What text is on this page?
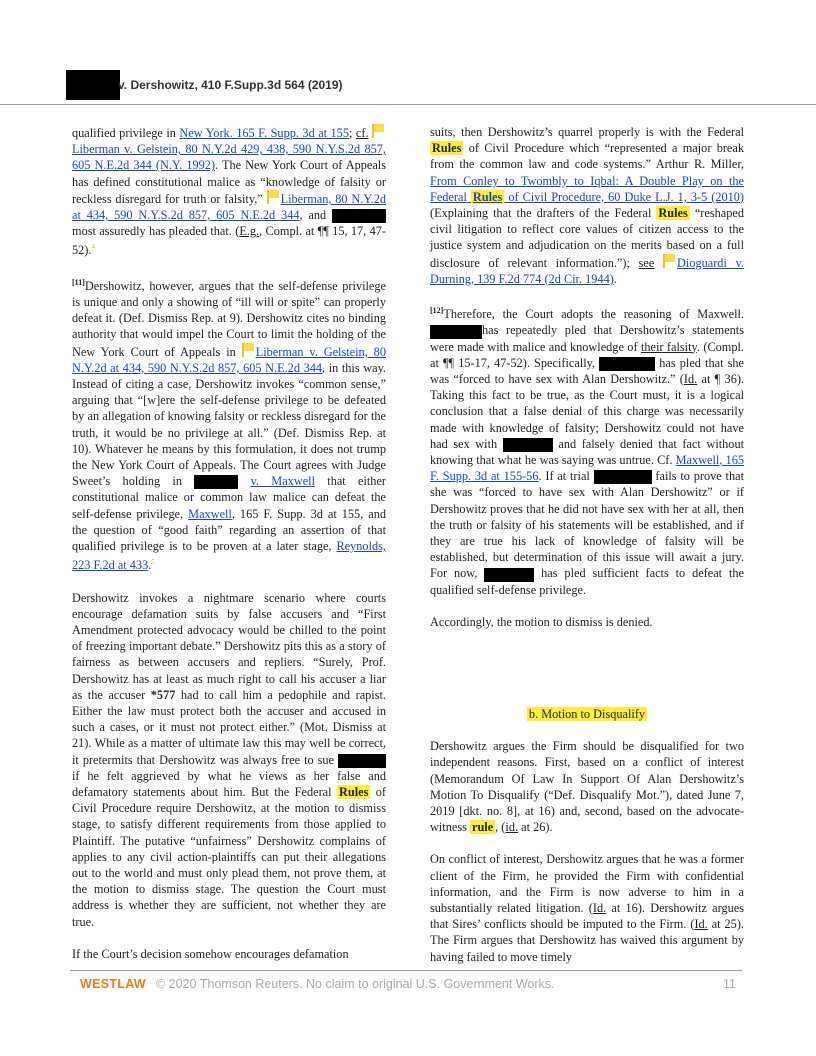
v. Dershowitz, 410 F.Supp.3d 564 (2019)

qualified privilege in New York. 165 F. Supp. 3d at 155; cf. Liberman v. Gelstein, 80 N.Y.2d 429, 438, 590 N.Y.S.2d 857, 605 N.E.2d 344 (N.Y. 1992). The New York Court of Appeals has defined constitutional malice as “knowledge of falsity or reckless disregard for truth or falsity,” Liberman, 80 N.Y.2d at 434, 590 N.Y.S.2d 857, 605 N.E.2d 344, and  most assuredly has pleaded that. (E.g., Compl. at ¶¶ 15, 17, 47-52).$^4$

[11]Dershowitz, however, argues that the self-defense privilege is unique and only a showing of “ill will or spite” can properly defeat it. (Def. Dismiss Rep. at 9). Dershowitz cites no binding authority that would impel the Court to limit the holding of the New York Court of Appeals in Liberman v. Gelstein, 80 N.Y.2d at 434, 590 N.Y.S.2d 857, 605 N.E.2d 344, in this way. Instead of citing a case, Dershowitz invokes “common sense,” arguing that “[w]ere the self-defense privilege to be defeated by an allegation of knowing falsity or reckless disregard for the truth, it would be no privilege at all.” (Def. Dismiss Rep. at 10). Whatever he means by this formulation, it does not trump the New York Court of Appeals. The Court agrees with Judge Sweet’s holding in	v. Maxwell that either constitutional malice or common law malice can defeat the self-defense privilege, Maxwell, 165 F. Supp. 3d at 155, and the question of “good faith” regarding an assertion of that qualified privilege is to be proven at a later stage, Reynolds, 223 F.2d at 433.$^5$

Dershowitz invokes a nightmare scenario where courts encourage defamation suits by false accusers and “First Amendment protected advocacy would be chilled to the point of freezing important debate.” Dershowitz pits this as a story of fairness as between accusers and repliers. “Surely, Prof. Dershowitz has at least as much right to call his accuser a liar as the accuser *577 had to call him a pedophile and rapist. Either the law must protect both the accuser and accused in such a cases, or it must not protect either.” (Mot. Dismiss at 21). While as a matter of ultimate law this may well be correct, it pretermits that Dershowitz was always free to sue  if he felt aggrieved by what he views as her false and defamatory statements about him. But the Federal Rules of Civil Procedure require Dershowitz, at the motion to dismiss stage, to satisfy different requirements from those applied to Plaintiff. The putative “unfairness” Dershowitz complains of applies to any civil action-plaintiffs can put their allegations out to the world and must only plead them, not prove them, at the motion to dismiss stage. The question the Court must address is whether they are sufficient, not whether they are true.

If the Court’s decision somehow encourages defamation

suits, then Dershowitz’s quarrel properly is with the Federal Rules of Civil Procedure which “represented a major break from the common law and code systems.” Arthur R. Miller, From Conley to Twombly to Iqbal: A Double Play on the Federal Rules of Civil Procedure, 60 Duke L.J. 1, 3-5 (2010) (Explaining that the drafters of the Federal Rules “reshaped civil litigation to reflect core values of citizen access to the justice system and adjudication on the merits based on a full disclosure of relevant information.”); see Dioguardi v. Durning, 139 F.2d 774 (2d Cir. 1944).

[12]Therefore, the Court adopts the reasoning of Maxwell. has repeatedly pled that Dershowitz’s statements were made with malice and knowledge of their falsity. (Compl. at ¶¶ 15-17, 47-52). Specifically,	has pled that she was “forced to have sex with Alan Dershowitz.” (Id. at ¶ 36). Taking this fact to be true, as the Court must, it is a logical conclusion that a false denial of this charge was necessarily made with knowledge of falsity; Dershowitz could not have had sex with	and falsely denied that fact without knowing that what he was saying was untrue. Cf. Maxwell, 165 F. Supp. 3d at 155-56. If at trial	fails to prove that she was “forced to have sex with Alan Dershowitz” or if Dershowitz proves that he did not have sex with her at all, then the truth or falsity of his statements will be established, and if they are true his lack of knowledge of falsity will be established, but determination of this issue will await a jury. For now,	has pled sufficient facts to defeat the qualified self-defense privilege.

Accordingly, the motion to dismiss is denied.

b. Motion to Disqualify

Dershowitz argues the Firm should be disqualified for two independent reasons. First, based on a conflict of interest (Memorandum Of Law In Support Of Alan Dershowitz’s Motion To Disqualify (“Def. Disqualify Mot.”), dated June 7, 2019 [dkt. no. 8], at 16) and, second, based on the advocate-witness rule , (id. at 26).

On conflict of interest, Dershowitz argues that he was a former client of the Firm, he provided the Firm with confidential information, and the Firm is now adverse to him in a substantially related litigation. (Id. at 16). Dershowitz argues that Sires’ conflicts should be imputed to the Firm. (Id. at 25). The Firm argues that Dershowitz has waived this argument by having failed to move timely

WESTLAW © 2020 Thomson Reuters. No claim to original U.S. Government Works.	11
